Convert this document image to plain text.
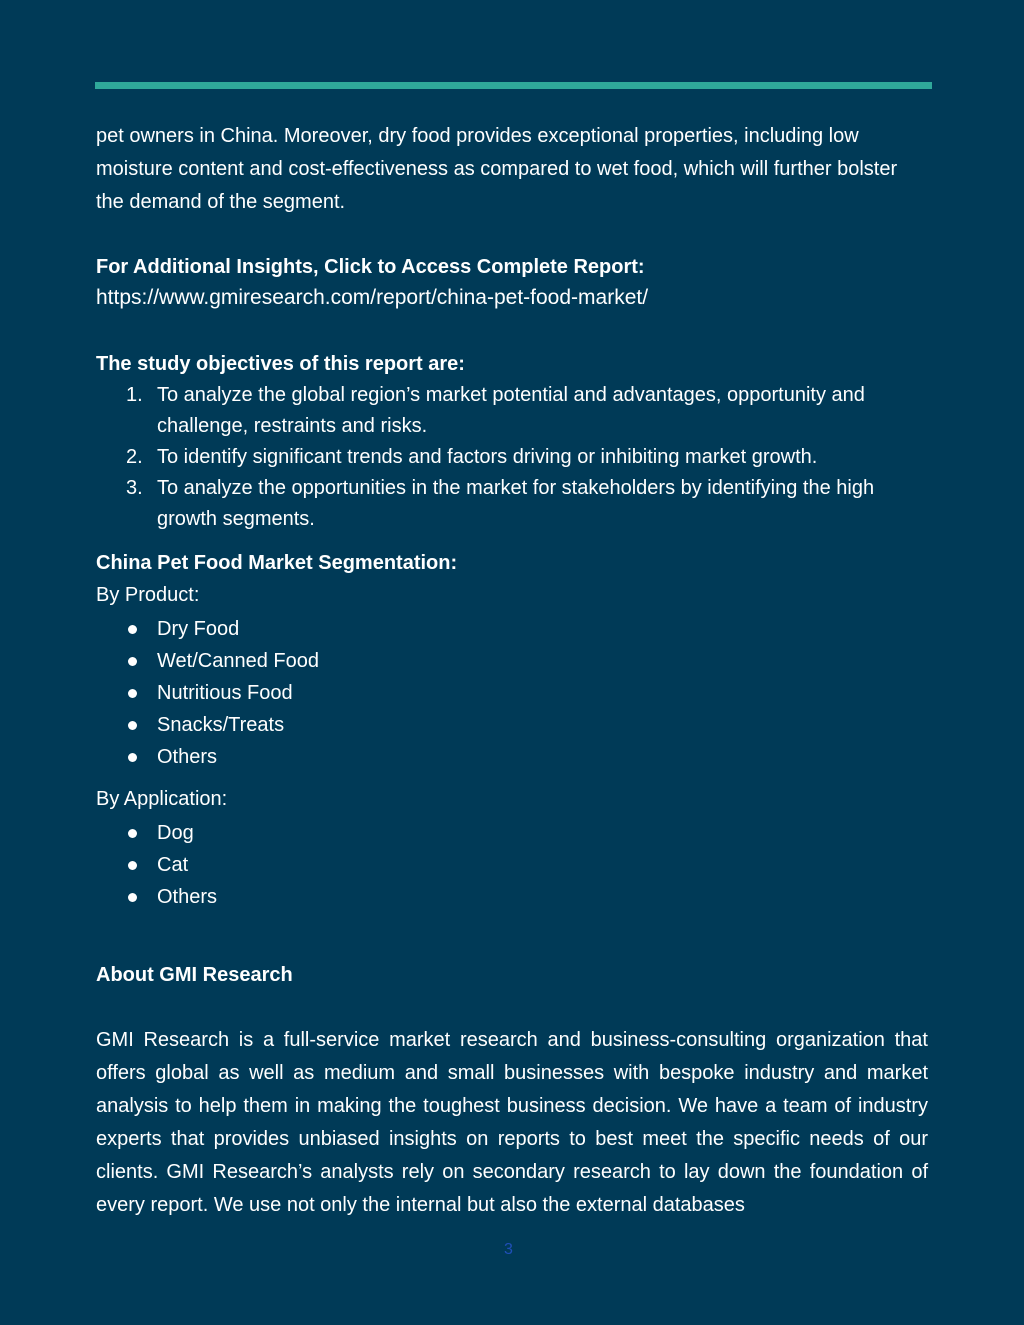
pet owners in China. Moreover, dry food provides exceptional properties, including low moisture content and cost-effectiveness as compared to wet food, which will further bolster the demand of the segment.

For Additional Insights, Click to Access Complete Report:

https://www.gmiresearch.com/report/china-pet-food-market/

The study objectives of this report are:

1. To analyze the global region’s market potential and advantages, opportunity and challenge, restraints and risks.
2. To identify significant trends and factors driving or inhibiting market growth.
3. To analyze the opportunities in the market for stakeholders by identifying the high growth segments.

China Pet Food Market Segmentation:

By Product:

Dry Food
Wet/Canned Food
Nutritious Food
Snacks/Treats
Others

By Application:

Dog
Cat
Others

About GMI Research

GMI Research is a full-service market research and business-consulting organization that offers global as well as medium and small businesses with bespoke industry and market analysis to help them in making the toughest business decision. We have a team of industry experts that provides unbiased insights on reports to best meet the specific needs of our clients. GMI Research’s analysts rely on secondary research to lay down the foundation of every report. We use not only the internal but also the external databases

3
